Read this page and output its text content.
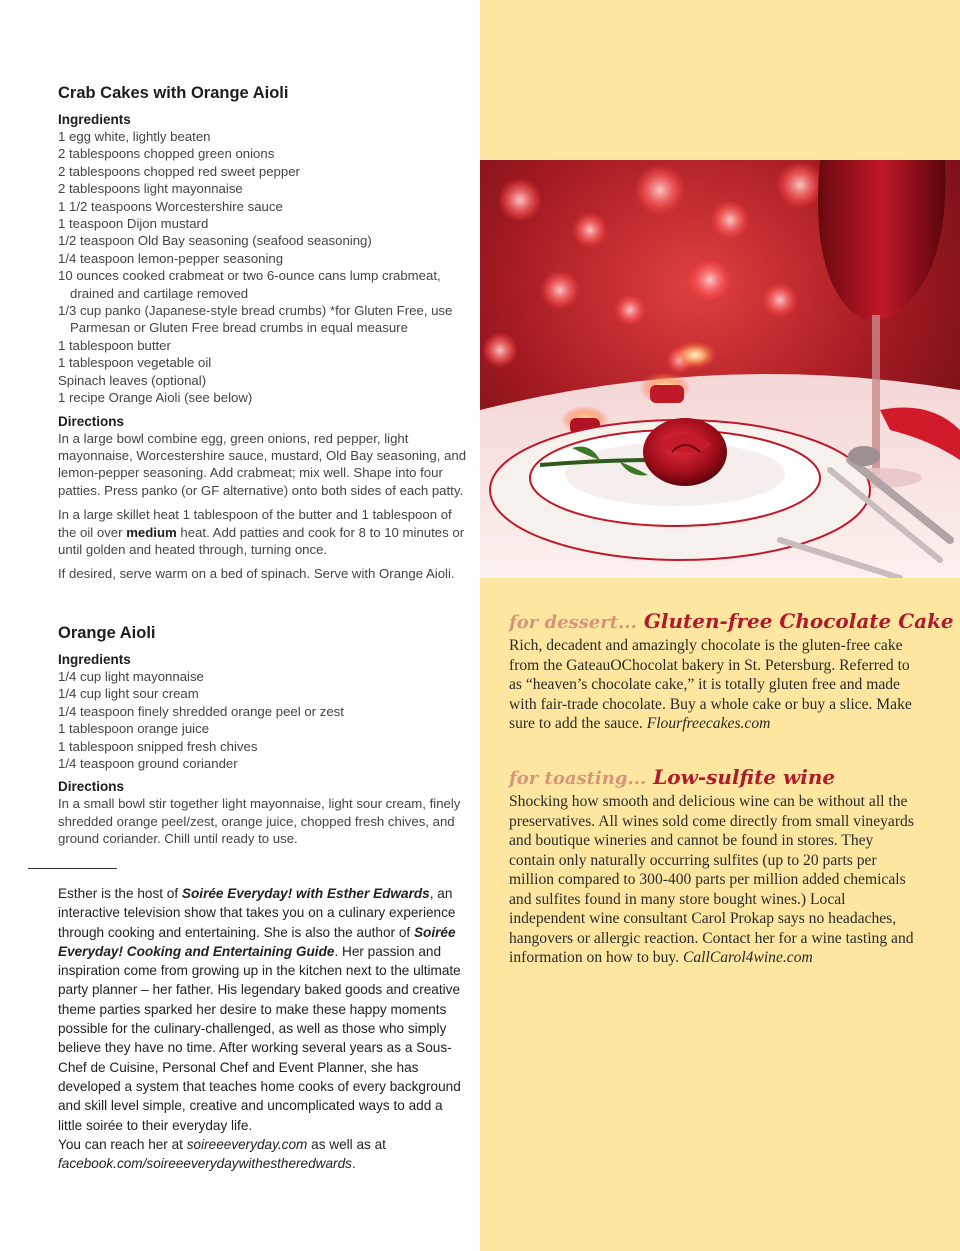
Crab Cakes with Orange Aioli
Ingredients
1 egg white, lightly beaten
2 tablespoons chopped green onions
2 tablespoons chopped red sweet pepper
2 tablespoons light mayonnaise
1 1/2 teaspoons Worcestershire sauce
1 teaspoon Dijon mustard
1/2 teaspoon Old Bay seasoning (seafood seasoning)
1/4 teaspoon lemon-pepper seasoning
10 ounces cooked crabmeat or two 6-ounce cans lump crabmeat, drained and cartilage removed
1/3 cup panko (Japanese-style bread crumbs) *for Gluten Free, use Parmesan or Gluten Free bread crumbs in equal measure
1 tablespoon butter
1 tablespoon vegetable oil
Spinach leaves (optional)
1 recipe Orange Aioli (see below)
Directions

In a large bowl combine egg, green onions, red pepper, light mayonnaise, Worcestershire sauce, mustard, Old Bay seasoning, and lemon-pepper seasoning. Add crabmeat; mix well. Shape into four patties. Press panko (or GF alternative) onto both sides of each patty.

In a large skillet heat 1 tablespoon of the butter and 1 tablespoon of the oil over medium heat. Add patties and cook for 8 to 10 minutes or until golden and heated through, turning once.

If desired, serve warm on a bed of spinach. Serve with Orange Aioli.

Orange Aioli
Ingredients
1/4 cup light mayonnaise
1/4 cup light sour cream
1/4 teaspoon finely shredded orange peel or zest
1 tablespoon orange juice
1 tablespoon snipped fresh chives
1/4 teaspoon ground coriander
Directions

In a small bowl stir together light mayonnaise, light sour cream, finely shredded orange peel/zest, orange juice, chopped fresh chives, and ground coriander. Chill until ready to use.

Esther is the host of Soirée Everyday! with Esther Edwards, an interactive television show that takes you on a culinary experience through cooking and entertaining. She is also the author of Soirée Everyday! Cooking and Entertaining Guide. Her passion and inspiration come from growing up in the kitchen next to the ultimate party planner – her father. His legendary baked goods and creative theme parties sparked her desire to make these happy moments possible for the culinary-challenged, as well as those who simply believe they have no time. After working several years as a Sous-Chef de Cuisine, Personal Chef and Event Planner, she has developed a system that teaches home cooks of every background and skill level simple, creative and uncomplicated ways to add a little soirée to their everyday life.

You can reach her at soireeeveryday.com as well as at
facebook.com/soireeeverydaywithestheredwards.

for dessert... Gluten-free Chocolate Cake

Rich, decadent and amazingly chocolate is the gluten-free cake from the GateauOChocolat bakery in St. Petersburg. Referred to as “heaven’s chocolate cake,” it is totally gluten free and made with fair-trade chocolate. Buy a whole cake or buy a slice. Make sure to add the sauce. Flourfreecakes.com

for toasting... Low-sulfite wine

Shocking how smooth and delicious wine can be without all the preservatives. All wines sold come directly from small vineyards and boutique wineries and cannot be found in stores. They contain only naturally occurring sulfites (up to 20 parts per million compared to 300-400 parts per million added chemicals and sulfites found in many store bought wines.) Local independent wine consultant Carol Prokap says no headaches, hangovers or allergic reaction. Contact her for a wine tasting and information on how to buy. CallCarol4wine.com
